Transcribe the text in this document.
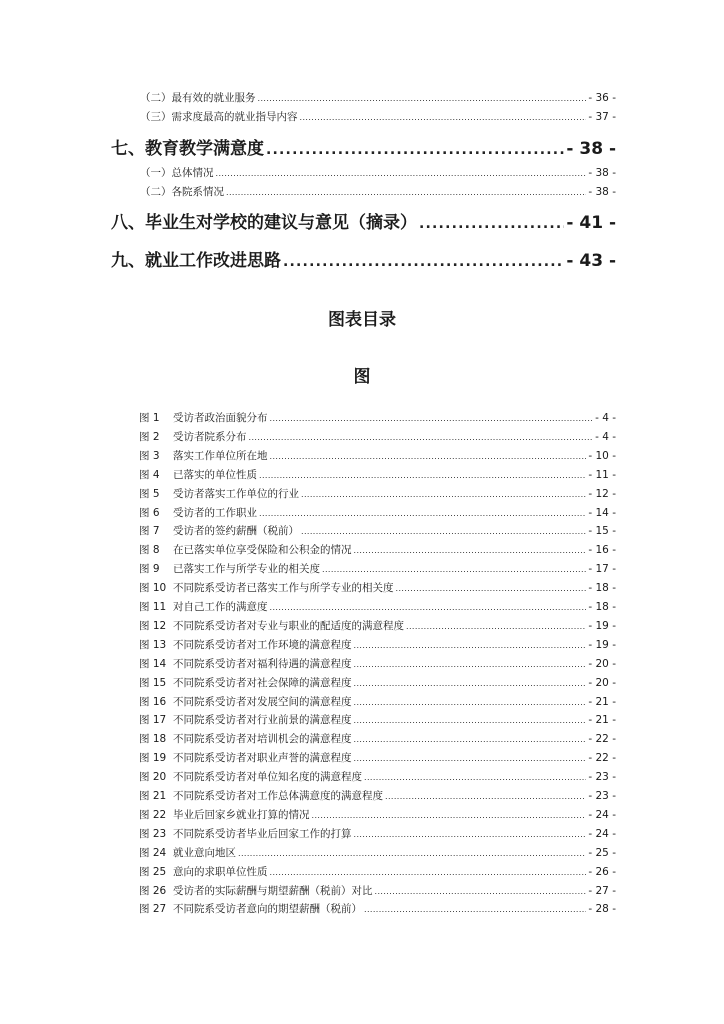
（二）最有效的就业服务 .....	- 36 -
（三）需求度最高的就业指导内容 .....	- 37 -
七、教育教学满意度 .....	- 38 -
（一）总体情况 .....	- 38 -
（二）各院系情况 .....	- 38 -
八、毕业生对学校的建议与意见（摘录） .....	- 41 -
九、就业工作改进思路 .....	- 43 -
图表目录
图
图 1	受访者政治面貌分布 .....	- 4 -
图 2	受访者院系分布 .....	- 4 -
图 3	落实工作单位所在地 .....	- 10 -
图 4	已落实的单位性质 .....	- 11 -
图 5	受访者落实工作单位的行业 .....	- 12 -
图 6	受访者的工作职业 .....	- 14 -
图 7	受访者的签约薪酬（税前） .....	- 15 -
图 8	在已落实单位享受保险和公积金的情况 .....	- 16 -
图 9	已落实工作与所学专业的相关度 .....	- 17 -
图 10 不同院系受访者已落实工作与所学专业的相关度 .....	- 18 -
图 11 对自己工作的满意度 .....	- 18 -
图 12 不同院系受访者对专业与职业的配适度的满意程度 .....	- 19 -
图 13 不同院系受访者对工作环境的满意程度 .....	- 19 -
图 14 不同院系受访者对福利待遇的满意程度 .....	- 20 -
图 15 不同院系受访者对社会保障的满意程度 .....	- 20 -
图 16 不同院系受访者对发展空间的满意程度 .....	- 21 -
图 17 不同院系受访者对行业前景的满意程度 .....	- 21 -
图 18 不同院系受访者对培训机会的满意程度 .....	- 22 -
图 19 不同院系受访者对职业声誉的满意程度 .....	- 22 -
图 20 不同院系受访者对单位知名度的满意程度 .....	- 23 -
图 21 不同院系受访者对工作总体满意度的满意程度 .....	- 23 -
图 22 毕业后回家乡就业打算的情况 .....	- 24 -
图 23 不同院系受访者毕业后回家工作的打算 .....	- 24 -
图 24 就业意向地区 .....	- 25 -
图 25 意向的求职单位性质 .....	- 26 -
图 26 受访者的实际薪酬与期望薪酬（税前）对比 .....	- 27 -
图 27 不同院系受访者意向的期望薪酬（税前） .....	- 28 -
